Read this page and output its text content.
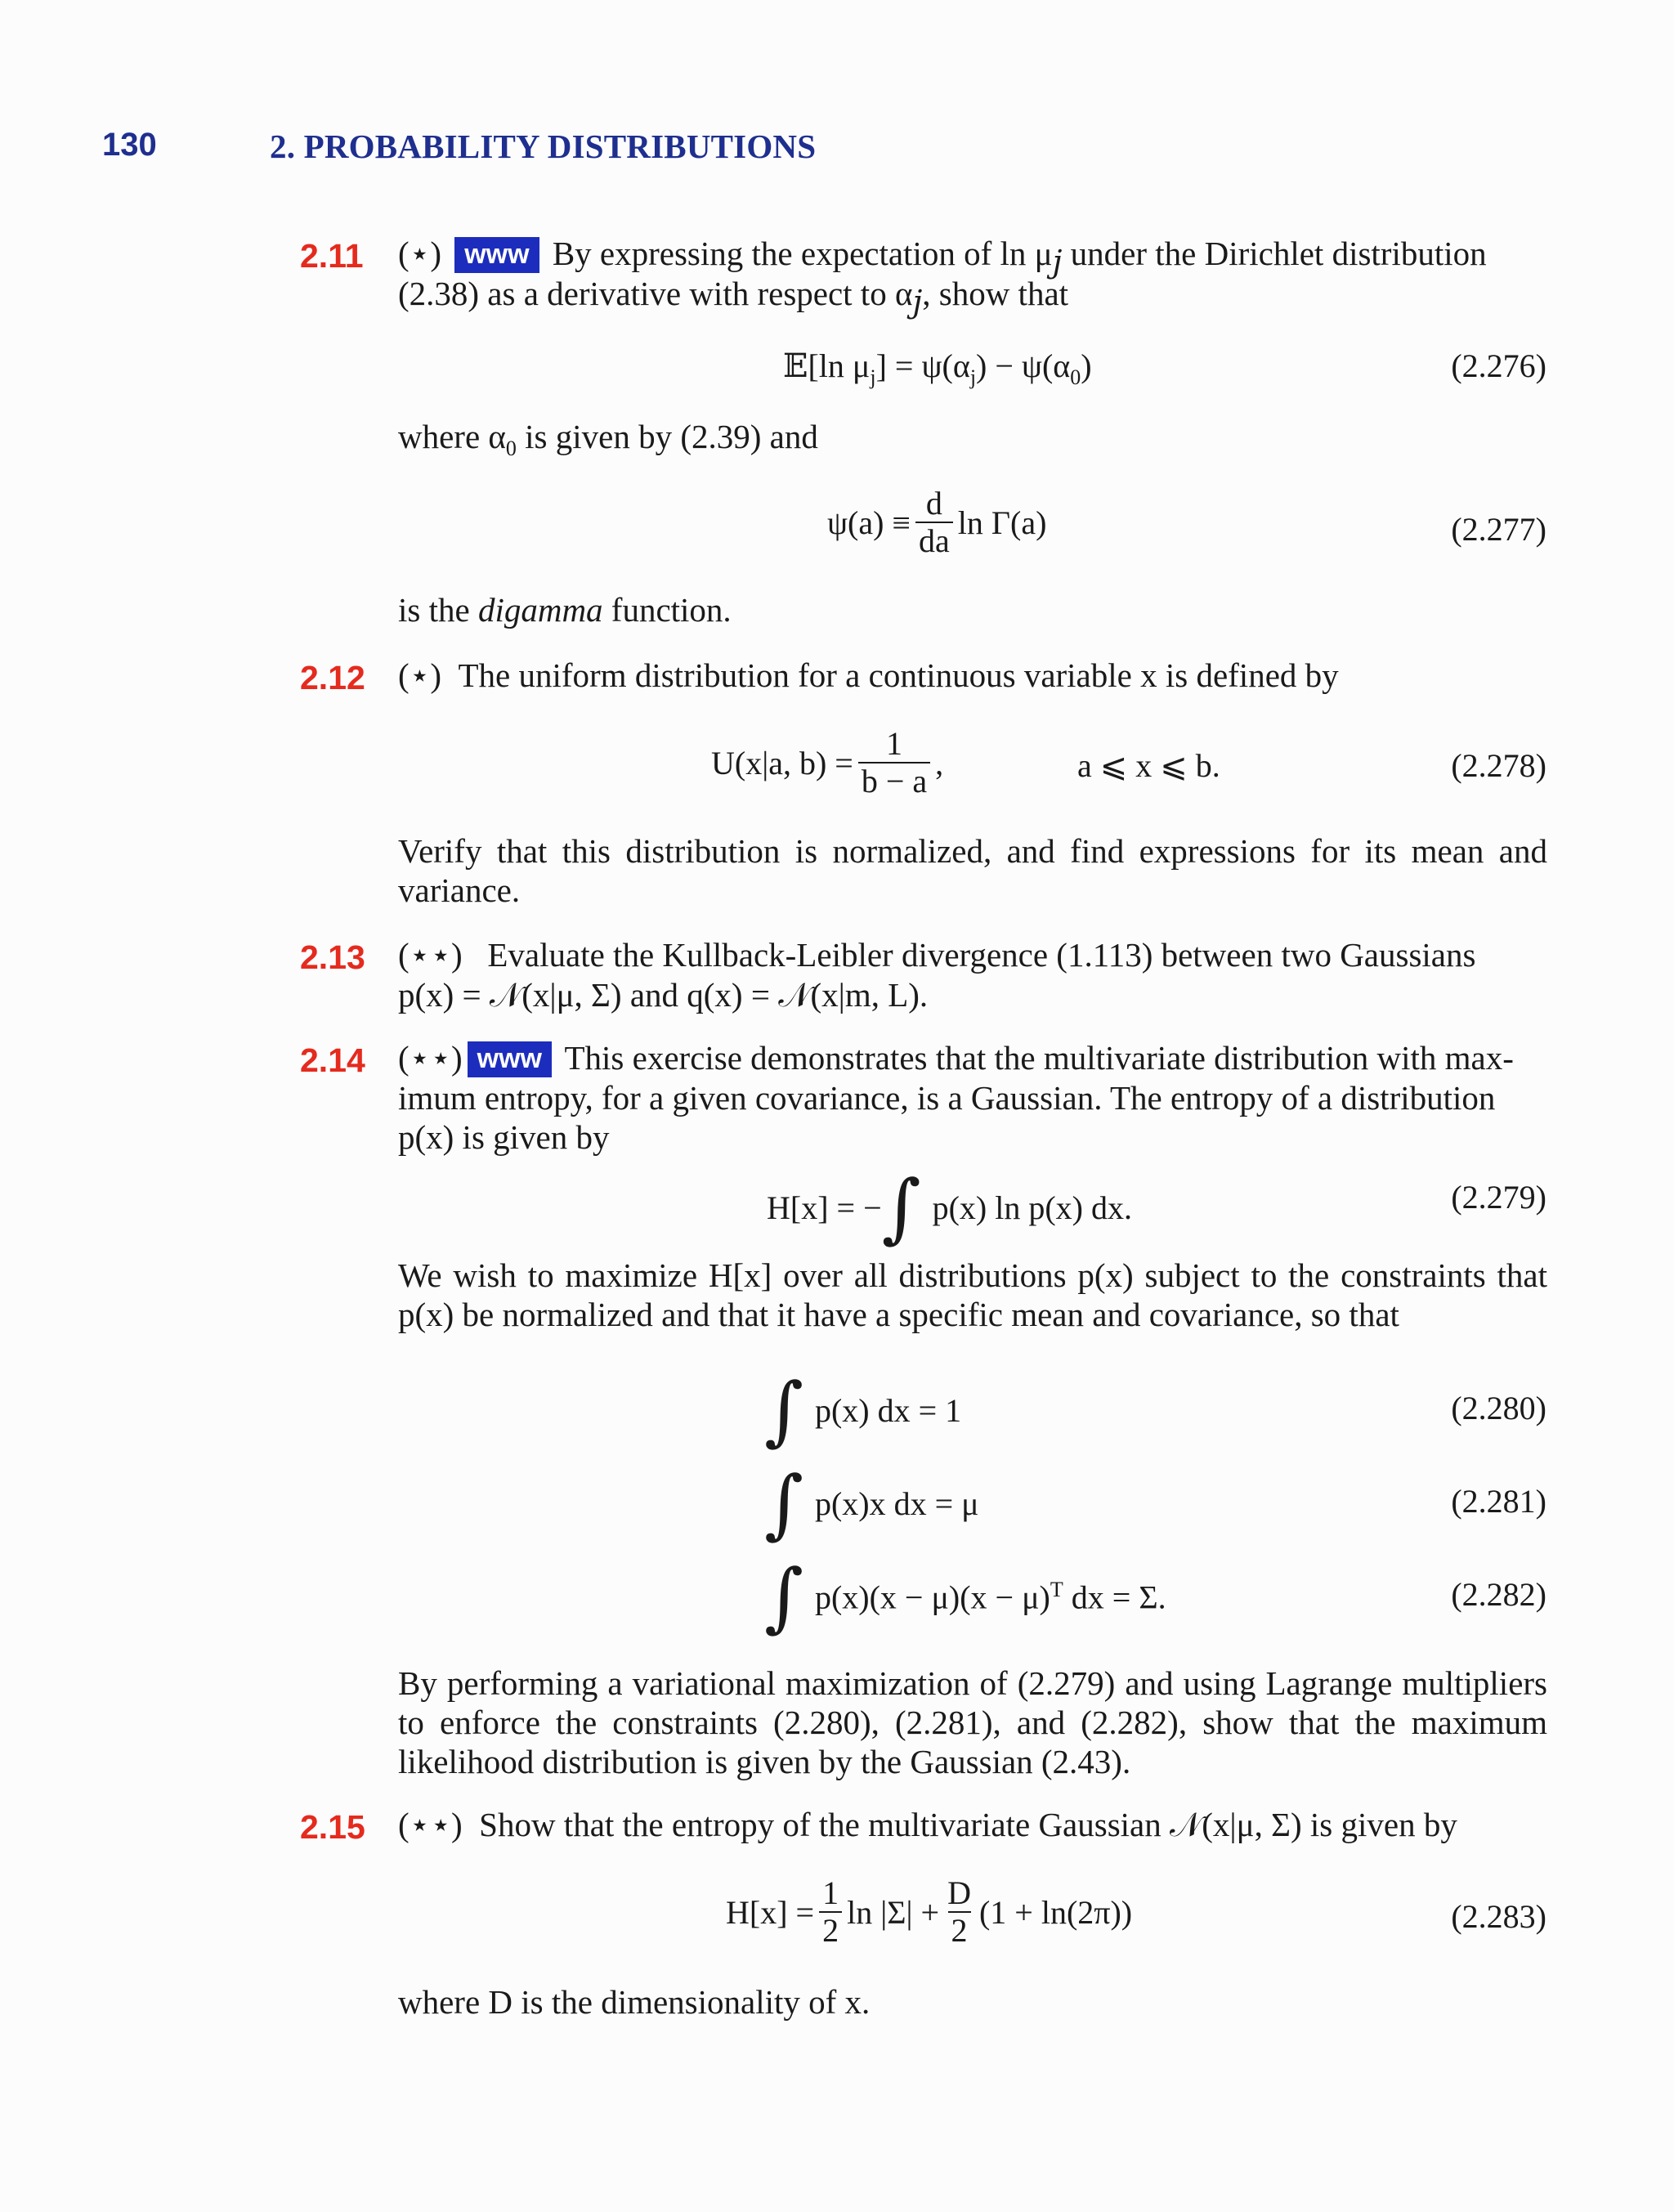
130	2. PROBABILITY DISTRIBUTIONS
2.11 (⋆) www By expressing the expectation of $\ln \mu_j$ under the Dirichlet distribution
(2.38) as a derivative with respect to $\alpha_j$, show that
𝔼[ln $\mu_j] = \psi(\alpha_j) - \psi(\alpha_0)$	(2.276)
where $\alpha_0$ is given by (2.39) and
$\psi(a) \equiv \frac{d}{da}$ ln Γ(a)	(2.277)
is the digamma function.
2.12 (⋆) The uniform distribution for a continuous variable x is defined by
U(x|a, $b) = \frac{1}{b - a}$ ,	a ⩽ x ⩽ b.	(2.278)
Verify that this distribution is normalized, and find expressions for its mean and variance.
2.13 (⋆⋆) Evaluate the Kullback-Leibler divergence (1.113) between two Gaussians
p(x) = 𝒩(x|μ, Σ) and q(x) = 𝒩(x|m, L).
2.14 (⋆⋆) www This exercise demonstrates that the multivariate distribution with max-
imum entropy, for a given covariance, is a Gaussian. The entropy of a distribution
p(x) is given by
H[x] = − ∫ p(x) ln p(x) dx.	(2.279)
We wish to maximize H[x] over all distributions p(x) subject to the constraints that p(x) be normalized and that it have a specific mean and covariance, so that
∫ p(x) dx = 1	(2.280)
∫ p(x)x dx = μ	(2.281)
∫ $p(x)(x - \mu)(x - \mu)^T$ dx = Σ.	(2.282)
By performing a variational maximization of (2.279) and using Lagrange multipliers to enforce the constraints (2.280), (2.281), and (2.282), show that the maximum likelihood distribution is given by the Gaussian (2.43).
2.15 (⋆⋆) Show that the entropy of the multivariate Gaussian 𝒩(x|μ, Σ) is given by
$H[x] = \frac{1}{2}$ $\ln |\Sigma| + \frac{D}{2} (1 + \ln(2\pi))$	(2.283)
where D is the dimensionality of x.
